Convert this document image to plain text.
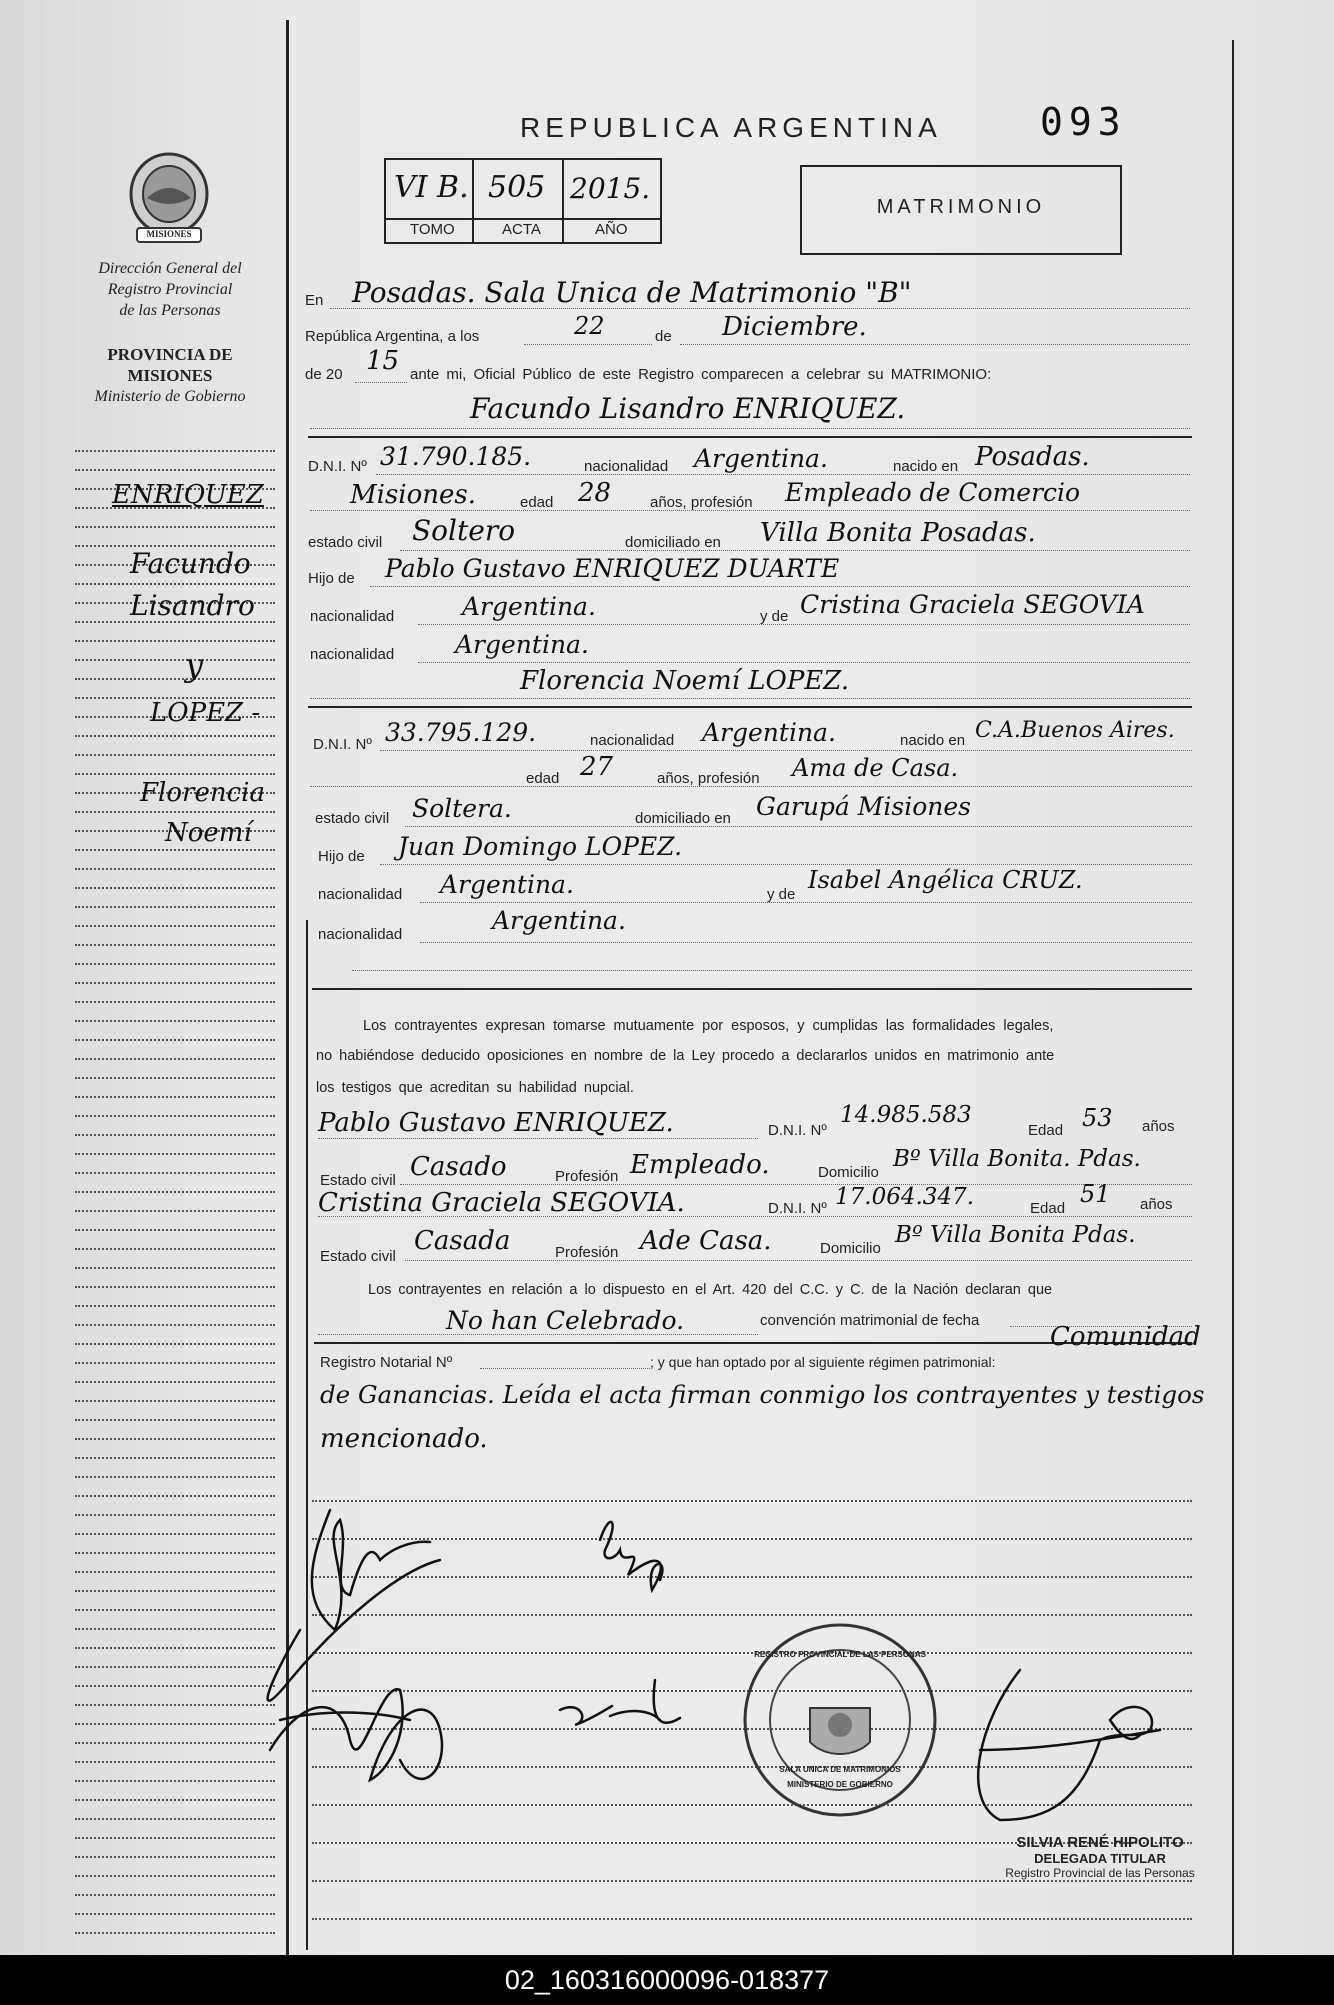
MISIONES
Dirección General del
Registro Provincial
de las Personas
PROVINCIA DE
MISIONES
Ministerio de Gobierno
ENRIQUEZ
Facundo
Lisandro
y
LOPEZ -
Florencia
Noemí
REPUBLICA ARGENTINA	093
VI B. 505 2015.
TOMO	ACTA	AÑO
MATRIMONIO
En Posadas. Sala Unica de Matrimonio "B"
República Argentina, a los	22	de Diciembre.
de 20 15 ante mi, Oficial Público de este Registro comparecen a celebrar su MATRIMONIO:
Facundo Lisandro ENRIQUEZ.
D.N.I. Nº 31.790.185.	nacionalidad Argentina.	nacido en Posadas.
Misiones.	edad 28	años, profesión Empleado de Comercio
estado civil Soltero	domiciliado en Villa Bonita Posadas.
Hijo de Pablo Gustavo ENRIQUEZ DUARTE
nacionalidad	Argentina.	y de Cristina Graciela SEGOVIA
nacionalidad Argentina.
Florencia Noemí LOPEZ.
D.N.I. Nº 33.795.129.	nacionalidad Argentina.	nacido en C.A.Buenos Aires.
edad 27	años, profesión Ama de Casa.
estado civil Soltera.	domiciliado en Garupá Misiones
Hijo de Juan Domingo LOPEZ.
nacionalidad Argentina.	y de
Isabel Angélica CRUZ.
nacionalidad	Argentina.
Los contrayentes expresan tomarse mutuamente por esposos, y cumplidas las formalidades legales,
no habiéndose deducido oposiciones en nombre de la Ley procedo a declararlos unidos en matrimonio ante
los testigos que acreditan su habilidad nupcial.
Pablo Gustavo ENRIQUEZ.	D.N.I. Nº
14.985.583
Edad 53 años
Estado civil Casado	Profesión Empleado.	Domicilio
Bº Villa Bonita. Pdas.
Cristina Graciela SEGOVIA.	D.N.I. Nº 17.064.347.	Edad
51 años
Estado civil
Casada	Profesión Ade Casa.	Domicilio
Bº Villa Bonita Pdas.
Los contrayentes en relación a lo dispuesto en el Art. 420 del C.C. y C. de la Nación declaran que
No han Celebrado.	convención matrimonial de fecha
Registro Notarial Nº	; y que han optado por al siguiente régimen patrimonial:
Comunidad
de Ganancias. Leída el acta firman conmigo los contrayentes y testigos
mencionado.
REGISTRO PROVINCIAL DE LAS PERSONAS
SALA UNICA DE MATRIMONIOS
MINISTERIO DE GOBIERNO
SILVIA RENÉ HIPOLITO
DELEGADA TITULAR
Registro Provincial de las Personas
02_160316000096-018377
